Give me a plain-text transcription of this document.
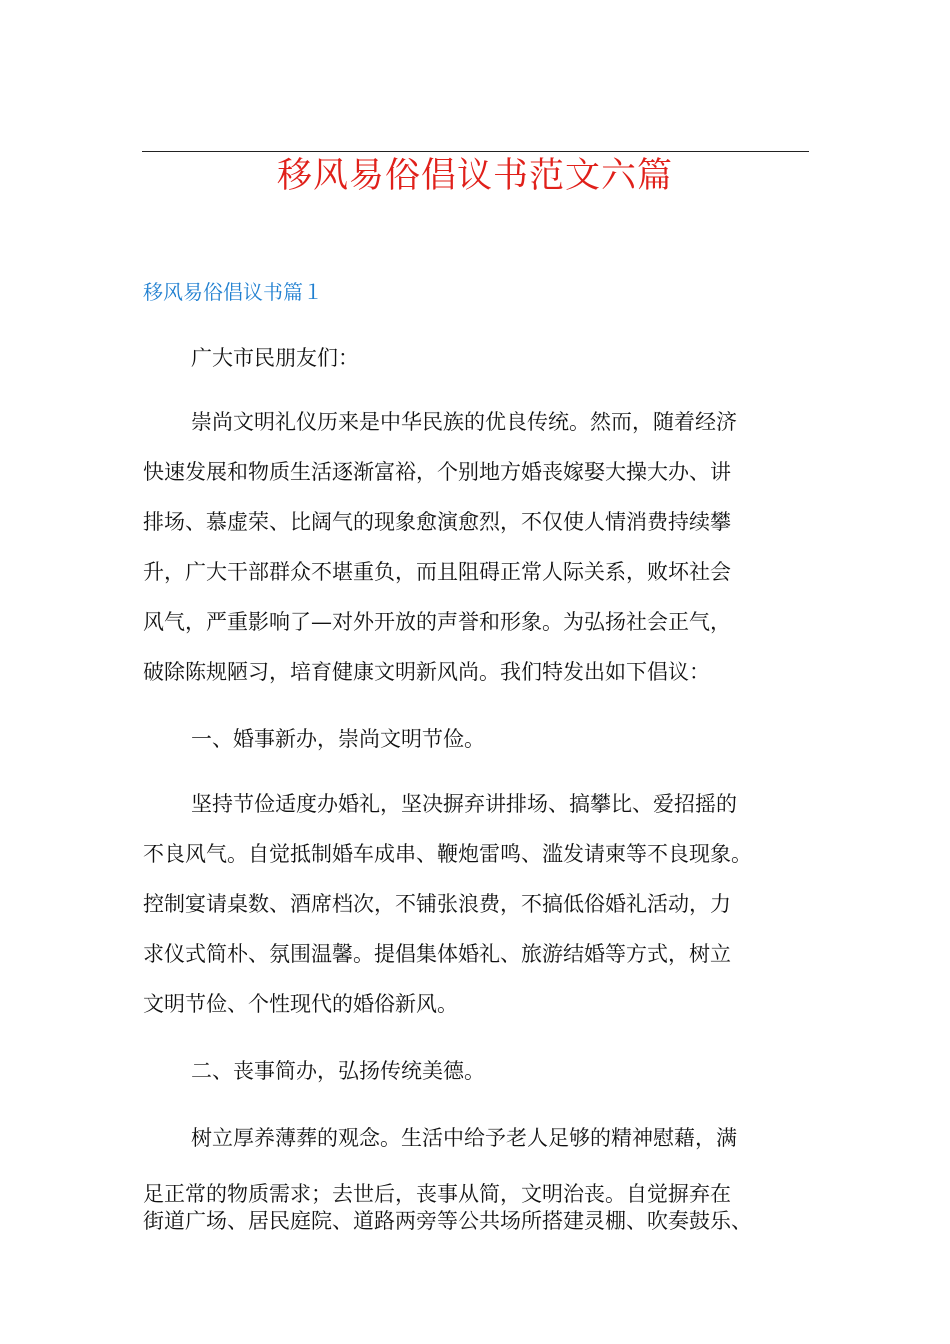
移风易俗倡议书范文六篇
移风易俗倡议书篇１
广大市民朋友们：
崇尚文明礼仪历来是中华民族的优良传统。然而，随着经济
快速发展和物质生活逐渐富裕，个别地方婚丧嫁娶大操大办、讲
排场、慕虚荣、比阔气的现象愈演愈烈，不仅使人情消费持续攀
升，广大干部群众不堪重负，而且阻碍正常人际关系，败坏社会
风气，严重影响了—对外开放的声誉和形象。为弘扬社会正气，
破除陈规陋习，培育健康文明新风尚。我们特发出如下倡议：
一、婚事新办，崇尚文明节俭。
坚持节俭适度办婚礼，坚决摒弃讲排场、搞攀比、爱招摇的
不良风气。自觉抵制婚车成串、鞭炮雷鸣、滥发请柬等不良现象。
控制宴请桌数、酒席档次，不铺张浪费，不搞低俗婚礼活动，力
求仪式简朴、氛围温馨。提倡集体婚礼、旅游结婚等方式，树立
文明节俭、个性现代的婚俗新风。
二、丧事简办，弘扬传统美德。
树立厚养薄葬的观念。生活中给予老人足够的精神慰藉，满
足正常的物质需求；去世后，丧事从简，文明治丧。自觉摒弃在
街道广场、居民庭院、道路两旁等公共场所搭建灵棚、吹奏鼓乐、
